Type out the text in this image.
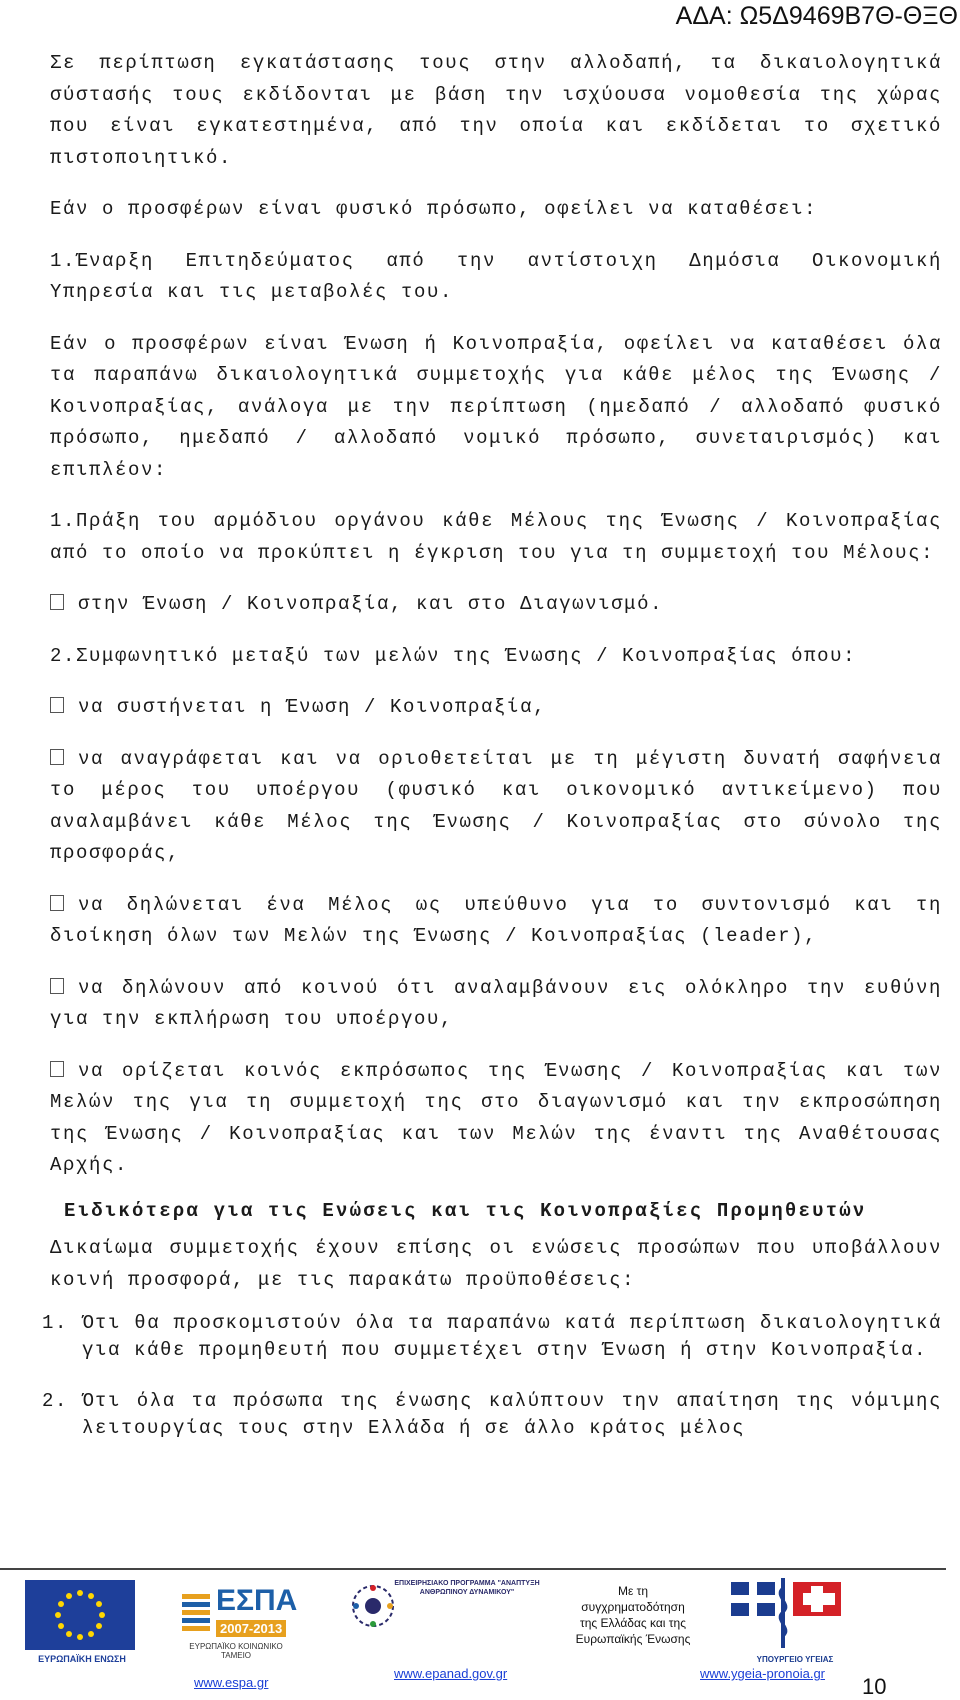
ΑΔΑ: Ω5Δ9469Β7Θ-ΘΞΘ

Σε περίπτωση εγκατάστασης τους στην αλλοδαπή, τα δικαιολογητικά σύστασής τους εκδίδονται με βάση την ισχύουσα νομοθεσία της χώρας που είναι εγκατεστημένα, από την οποία και εκδίδεται το σχετικό πιστοποιητικό.

Εάν ο προσφέρων είναι φυσικό πρόσωπο, οφείλει να καταθέσει:

1.Έναρξη Επιτηδεύματος από την αντίστοιχη Δημόσια Οικονομική Υπηρεσία και τις μεταβολές του.

Εάν ο προσφέρων είναι Ένωση ή Κοινοπραξία, οφείλει να καταθέσει όλα τα παραπάνω δικαιολογητικά συμμετοχής για κάθε μέλος της Ένωσης / Κοινοπραξίας, ανάλογα με την περίπτωση (ημεδαπό / αλλοδαπό φυσικό πρόσωπο, ημεδαπό / αλλοδαπό νομικό πρόσωπο, συνεταιρισμός) και επιπλέον:

1.Πράξη του αρμόδιου οργάνου κάθε Μέλους της Ένωσης / Κοινοπραξίας από το οποίο να προκύπτει η έγκριση του για τη συμμετοχή του Μέλους:

στην Ένωση / Κοινοπραξία, και στο Διαγωνισμό.

2.Συμφωνητικό μεταξύ των μελών της Ένωσης / Κοινοπραξίας όπου:

να συστήνεται η Ένωση / Κοινοπραξία,

να αναγράφεται και να οριοθετείται με τη μέγιστη δυνατή σαφήνεια το μέρος του υποέργου (φυσικό και οικονομικό αντικείμενο) που αναλαμβάνει κάθε Μέλος της Ένωσης / Κοινοπραξίας στο σύνολο της προσφοράς,

να δηλώνεται ένα Μέλος ως υπεύθυνο για το συντονισμό και τη διοίκηση όλων των Μελών της Ένωσης / Κοινοπραξίας (leader),

να δηλώνουν από κοινού ότι αναλαμβάνουν εις ολόκληρο την ευθύνη για την εκπλήρωση του υποέργου,

να ορίζεται κοινός εκπρόσωπος της Ένωσης / Κοινοπραξίας και των Μελών της για τη συμμετοχή της στο διαγωνισμό και την εκπροσώπηση της Ένωσης / Κοινοπραξίας και των Μελών της έναντι της Αναθέτουσας Αρχής.

Ειδικότερα για τις Ενώσεις και τις Κοινοπραξίες Προμηθευτών

Δικαίωμα συμμετοχής έχουν επίσης οι ενώσεις προσώπων που υποβάλλουν κοινή προσφορά, με τις παρακάτω προϋποθέσεις:

1. Ότι θα προσκομιστούν όλα τα παραπάνω κατά περίπτωση δικαιολογητικά για κάθε προμηθευτή που συμμετέχει στην Ένωση ή στην Κοινοπραξία.
2. Ότι όλα τα πρόσωπα της ένωσης καλύπτουν την απαίτηση της νόμιμης λειτουργίας τους στην Ελλάδα ή σε άλλο κράτος μέλος
ΕΥΡΩΠΑΪΚΗ ΕΝΩΣΗ
ΕΣΠΑ
2007-2013
ΕΥΡΩΠΑΪΚΟ ΚΟΙΝΩΝΙΚΟ ΤΑΜΕΙΟ
ΕΠΙΧΕΙΡΗΣΙΑΚΟ ΠΡΟΓΡΑΜΜΑ "ΑΝΑΠΤΥΞΗ ΑΝΘΡΩΠΙΝΟΥ ΔΥΝΑΜΙΚΟΥ"	Με τη συγχρηματοδότηση της Ελλάδας και της Ευρωπαϊκής Ένωσης
ΥΠΟΥΡΓΕΙΟ ΥΓΕΙΑΣ
www.espa.gr
www.epanad.gov.gr	www.ygeia-pronoia.gr
10
